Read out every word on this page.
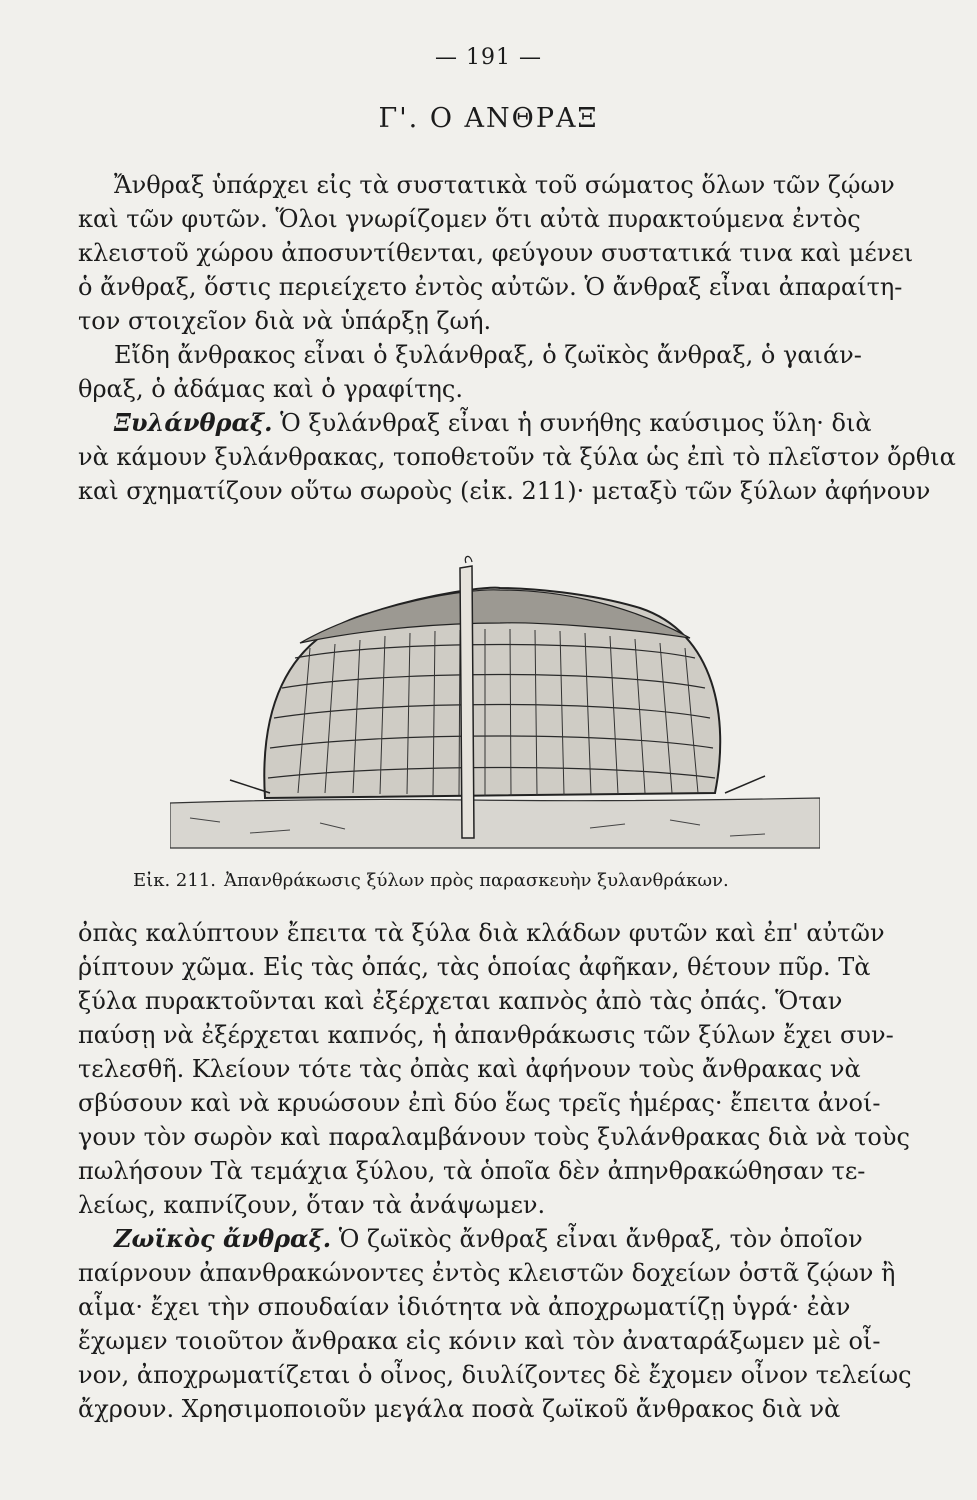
— 191 —
Γ'. Ο ΑΝΘΡΑΞ
Ἄνθραξ ὑπάρχει εἰς τὰ συστατικὰ τοῦ σώματος ὅλων τῶν ζῴων
καὶ τῶν φυτῶν. Ὅλοι γνωρίζομεν ὅτι αὐτὰ πυρακτούμενα ἐντὸς
κλειστοῦ χώρου ἀποσυντίθενται, φεύγουν συστατικά τινα καὶ μένει
ὁ ἄνθραξ, ὅστις περιείχετο ἐντὸς αὐτῶν. Ὁ ἄνθραξ εἶναι ἀπαραίτη-
τον στοιχεῖον διὰ νὰ ὑπάρξῃ ζωή.
Εἴδη ἄνθρακος εἶναι ὁ ξυλάνθραξ, ὁ ζωϊκὸς ἄνθραξ, ὁ γαιάν-
θραξ, ὁ ἀδάμας καὶ ὁ γραφίτης.
Ξυλάνθραξ. Ὁ ξυλάνθραξ εἶναι ἡ συνήθης καύσιμος ὕλη· διὰ
νὰ κάμουν ξυλάνθρακας, τοποθετοῦν τὰ ξύλα ὡς ἐπὶ τὸ πλεῖστον ὄρθια
καὶ σχηματίζουν οὕτω σωροὺς (εἰκ. 211)· μεταξὺ τῶν ξύλων ἀφήνουν
Εἰκ. 211. Ἀπανθράκωσις ξύλων πρὸς παρασκευὴν ξυλανθράκων.
ὀπὰς καλύπτουν ἔπειτα τὰ ξύλα διὰ κλάδων φυτῶν καὶ ἐπ' αὐτῶν
ῥίπτουν χῶμα. Εἰς τὰς ὀπάς, τὰς ὁποίας ἀφῆκαν, θέτουν πῦρ. Τὰ
ξύλα πυρακτοῦνται καὶ ἐξέρχεται καπνὸς ἀπὸ τὰς ὀπάς. Ὅταν
παύσῃ νὰ ἐξέρχεται καπνός, ἡ ἀπανθράκωσις τῶν ξύλων ἔχει συν-
τελεσθῆ. Κλείουν τότε τὰς ὀπὰς καὶ ἀφήνουν τοὺς ἄνθρακας νὰ
σβύσουν καὶ νὰ κρυώσουν ἐπὶ δύο ἕως τρεῖς ἡμέρας· ἔπειτα ἀνοί-
γουν τὸν σωρὸν καὶ παραλαμβάνουν τοὺς ξυλάνθρακας διὰ νὰ τοὺς
πωλήσουν Τὰ τεμάχια ξύλου, τὰ ὁποῖα δὲν ἀπηνθρακώθησαν τε-
λείως, καπνίζουν, ὅταν τὰ ἀνάψωμεν.
Ζωϊκὸς ἄνθραξ. Ὁ ζωϊκὸς ἄνθραξ εἶναι ἄνθραξ, τὸν ὁποῖον
παίρνουν ἀπανθρακώνοντες ἐντὸς κλειστῶν δοχείων ὀστᾶ ζῴων ἢ
αἷμα· ἔχει τὴν σπουδαίαν ἰδιότητα νὰ ἀποχρωματίζῃ ὑγρά· ἐὰν
ἔχωμεν τοιοῦτον ἄνθρακα εἰς κόνιν καὶ τὸν ἀναταράξωμεν μὲ οἶ-
νον, ἀποχρωματίζεται ὁ οἶνος, διυλίζοντες δὲ ἔχομεν οἶνον τελείως
ἄχρουν. Χρησιμοποιοῦν μεγάλα ποσὰ ζωϊκοῦ ἄνθρακος διὰ νὰ
